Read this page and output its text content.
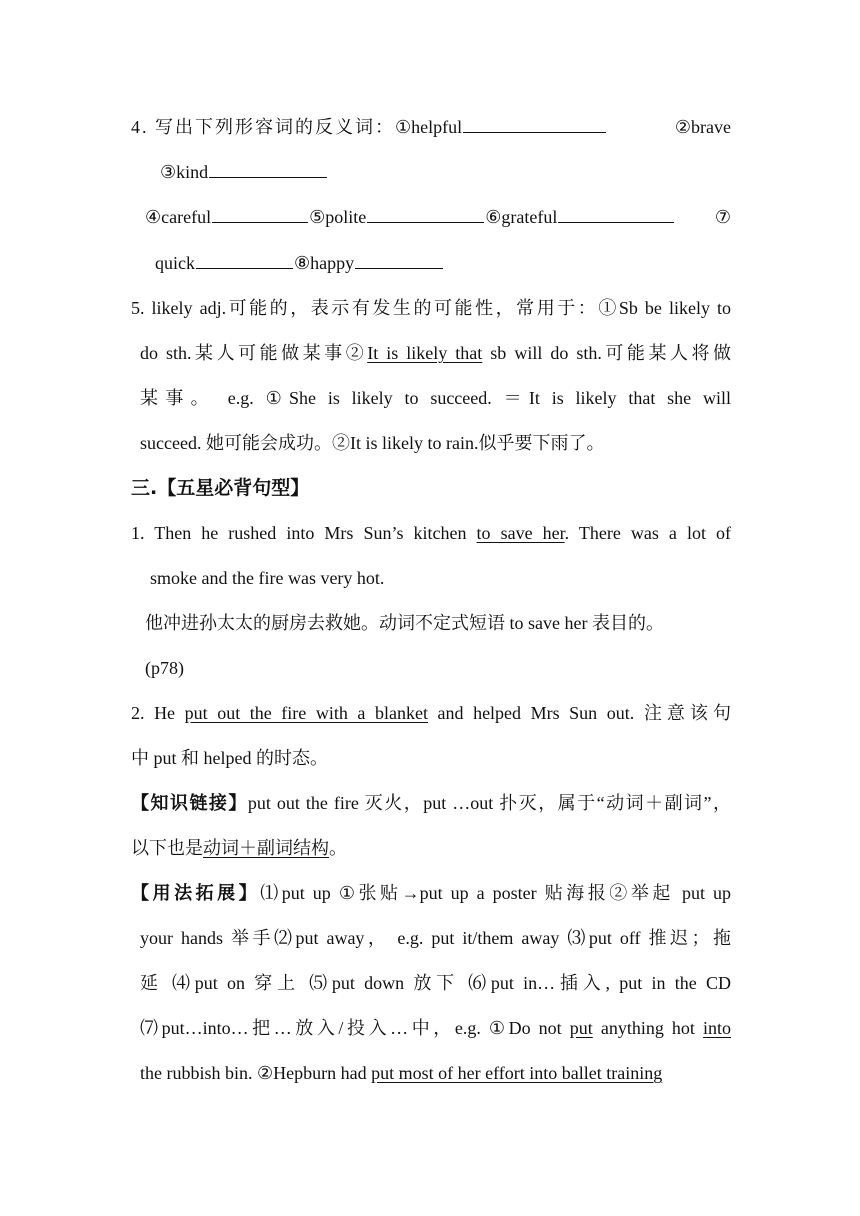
4. 写出下列形容词的反义词：①helpful	②brave
③kind
④careful	⑤polite	⑥grateful	⑦
quick	⑧happy
5. likely adj.可能的，表示有发生的可能性，常用于：①Sb be likely to
do sth.某人可能做某事②It is likely that sb will do sth.可能某人将做
某事。 e.g. ①She is likely to succeed. ＝It is likely that she will
succeed. 她可能会成功。②It is likely to rain.似乎要下雨了。
三.【五星必背句型】
1. Then he rushed into Mrs Sun’s kitchen to save her. There was a lot of
smoke and the fire was very hot.
他冲进孙太太的厨房去救她。动词不定式短语 to save her 表目的。
(p78)
2. He put out the fire with a blanket and helped Mrs Sun out. 注意该句
中 put 和 helped 的时态。
【知识链接】put out the fire 灭火，put …out 扑灭，属于“动词＋副词”，
以下也是动词＋副词结构。
【用法拓展】⑴put up ①张贴→put up a poster 贴海报②举起 put up
your hands 举手⑵put away， e.g. put it/them away ⑶put off 推迟；拖
延 ⑷put on 穿上 ⑸put down 放下 ⑹put in…插入, put in the CD
⑺put…into…把…放入/投入…中，e.g. ①Do not put anything hot into
the rubbish bin. ②Hepburn had put most of her effort into ballet training
